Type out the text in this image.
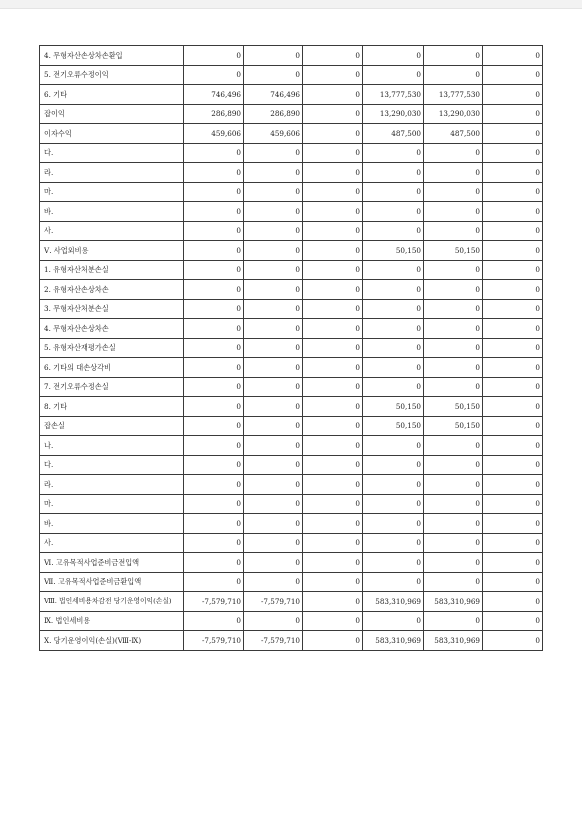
4. 무형자산손상차손환입	0	0	0	0	0	0
5. 전기오류수정이익	0	0	0	0	0	0
6. 기타	746,496	746,496	0	13,777,530	13,777,530	0
잡이익	286,890	286,890	0	13,290,030	13,290,030	0
이자수익	459,606	459,606	0	487,500	487,500	0
다.	0	0	0	0	0	0
라.	0	0	0	0	0	0
마.	0	0	0	0	0	0
바.	0	0	0	0	0	0
사.	0	0	0	0	0	0
Ⅴ. 사업외비용	0	0	0	50,150	50,150	0
1. 유형자산처분손실	0	0	0	0	0	0
2. 유형자산손상차손	0	0	0	0	0	0
3. 무형자산처분손실	0	0	0	0	0	0
4. 무형자산손상차손	0	0	0	0	0	0
5. 유형자산재평가손실	0	0	0	0	0	0
6. 기타의 대손상각비	0	0	0	0	0	0
7. 전기오류수정손실	0	0	0	0	0	0
8. 기타	0	0	0	50,150	50,150	0
잡손실	0	0	0	50,150	50,150	0
나.	0	0	0	0	0	0
다.	0	0	0	0	0	0
라.	0	0	0	0	0	0
마.	0	0	0	0	0	0
바.	0	0	0	0	0	0
사.	0	0	0	0	0	0
Ⅵ. 고유목적사업준비금전입액	0	0	0	0	0	0
Ⅶ. 고유목적사업준비금환입액	0	0	0	0	0	0
Ⅷ. 법인세비용차감전 당기운영이익(손실)	-7,579,710	-7,579,710	0	583,310,969	583,310,969	0
Ⅸ. 법인세비용	0	0	0	0	0	0
Ⅹ. 당기운영이익(손실)(Ⅷ-Ⅸ)	-7,579,710	-7,579,710	0	583,310,969	583,310,969	0
